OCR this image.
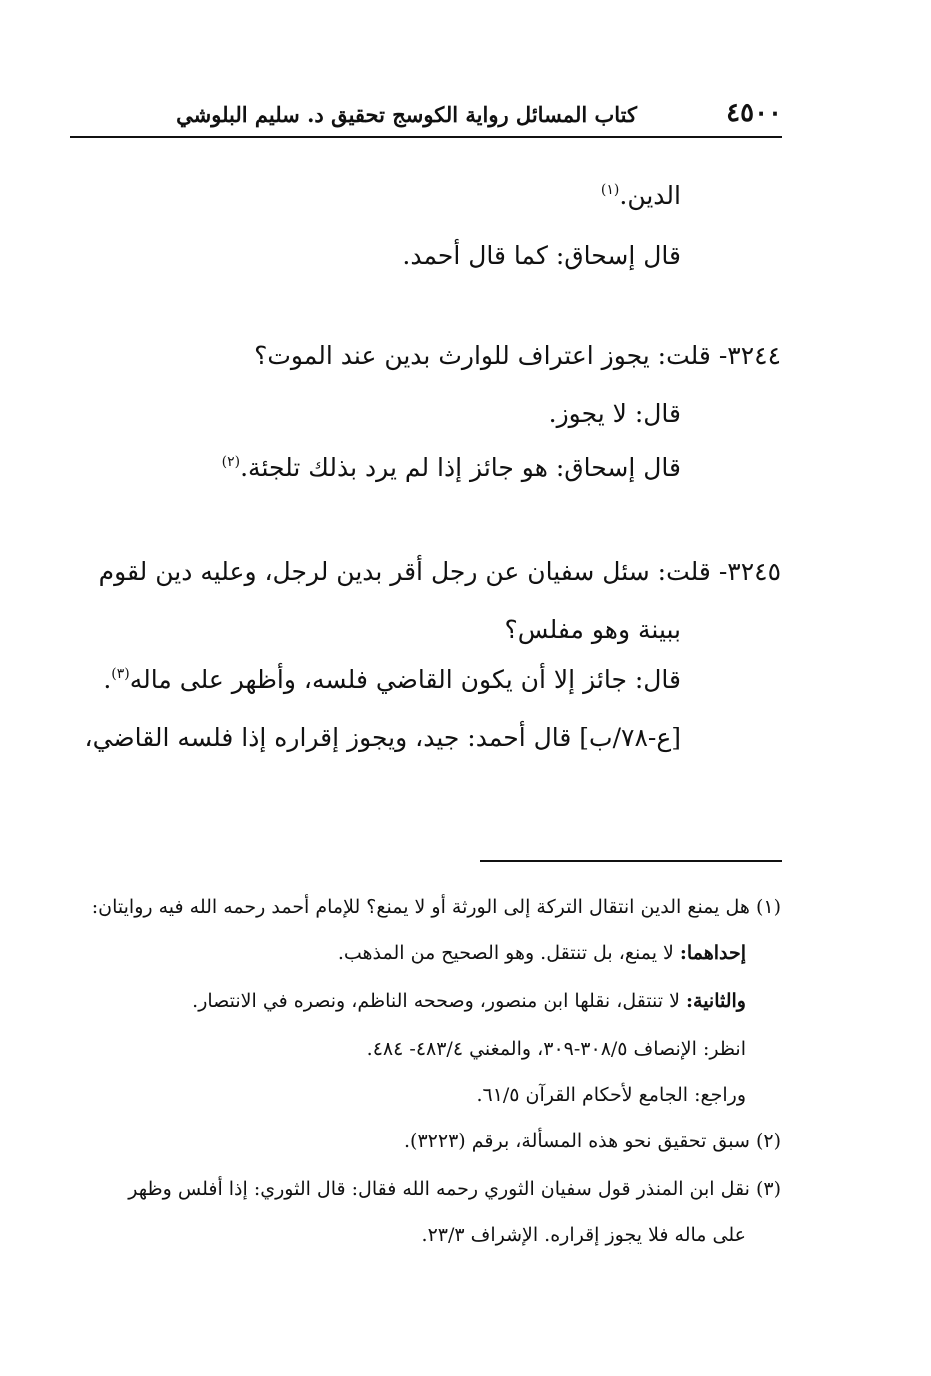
٤٥٠٠
كتاب المسائل رواية الكوسج تحقيق د. سليم البلوشي
الدين.$^{(١)}$
قال إسحاق: كما قال أحمد.
٣٢٤٤- قلت: يجوز اعتراف للوارث بدين عند الموت؟
قال: لا يجوز.
قال إسحاق: هو جائز إذا لم يرد بذلك تلجئة.$^{(٢)}$
٣٢٤٥- قلت: سئل سفيان عن رجل أقر بدين لرجل، وعليه دين لقوم
ببينة وهو مفلس؟
قال: جائز إلا أن يكون القاضي فلسه، وأظهر على ماله$^{(٣)}$.
[ع-٧٨/ب] قال أحمد: جيد، ويجوز إقراره إذا فلسه القاضي،
(١) هل يمنع الدين انتقال التركة إلى الورثة أو لا يمنع؟ للإمام أحمد رحمه الله فيه روايتان:
إحداهما: لا يمنع، بل تنتقل. وهو الصحيح من المذهب.
والثانية: لا تنتقل، نقلها ابن منصور، وصححه الناظم، ونصره في الانتصار.
انظر: الإنصاف ٣٠٨/٥-٣٠٩، والمغني ٤٨٣/٤- ٤٨٤.
وراجع: الجامع لأحكام القرآن ٦١/٥.
(٢) سبق تحقيق نحو هذه المسألة، برقم (٣٢٢٣).
(٣) نقل ابن المنذر قول سفيان الثوري رحمه الله فقال: قال الثوري: إذا أفلس وظهر
على ماله فلا يجوز إقراره. الإشراف ٢٣/٣.
